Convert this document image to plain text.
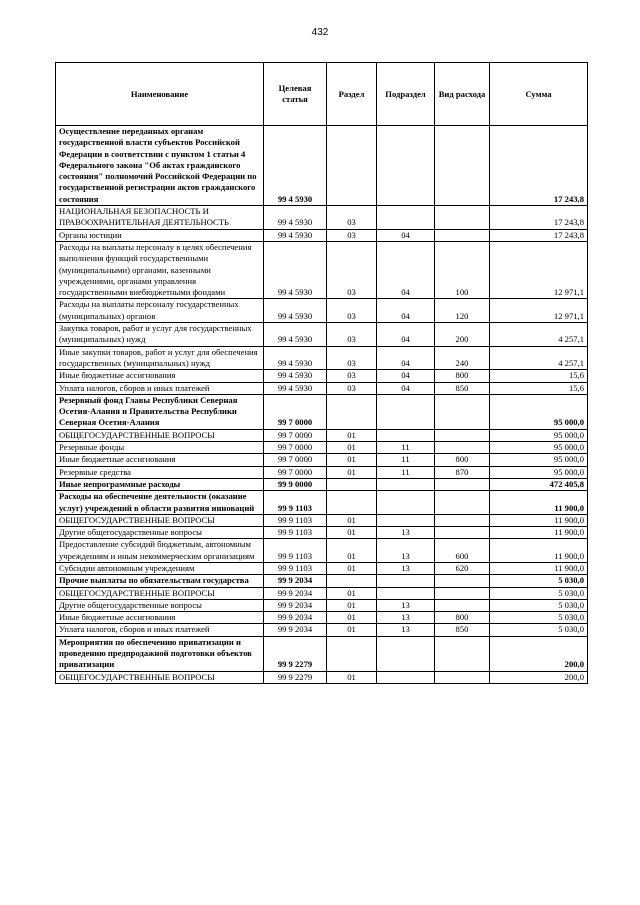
432
Наименование	Целевая статья	Раздел	Подраздел	Вид расхода	Сумма
Осуществление переданных органам государственной власти субъектов Российской Федерации в соответствии с пунктом 1 статьи 4 Федерального закона "Об актах гражданского состояния" полномочий Российской Федерации по государственной регистрации актов гражданского состояния	99 4 5930				17 243,8
НАЦИОНАЛЬНАЯ БЕЗОПАСНОСТЬ И ПРАВООХРАНИТЕЛЬНАЯ ДЕЯТЕЛЬНОСТЬ	99 4 5930	03			17 243,8
Органы юстиции	99 4 5930	03	04		17 243,8
Расходы на выплаты персоналу в целях обеспечения выполнения функций государственными (муниципальными) органами, казенными учреждениями, органами управления государственными внебюджетными фондами	99 4 5930	03	04	100	12 971,1
Расходы на выплаты персоналу государственных (муниципальных) органов	99 4 5930	03	04	120	12 971,1
Закупка товаров, работ и услуг для государственных (муниципальных) нужд	99 4 5930	03	04	200	4 257,1
Иные закупки товаров, работ и услуг для обеспечения государственных (муниципальных) нужд	99 4 5930	03	04	240	4 257,1
Иные бюджетные ассигнования	99 4 5930	03	04	800	15,6
Уплата налогов, сборов и иных платежей	99 4 5930	03	04	850	15,6
Резервный фонд Главы Республики Северная Осетия-Алания и Правительства Республики Северная Осетия-Алания	99 7 0000				95 000,0
ОБЩЕГОСУДАРСТВЕННЫЕ ВОПРОСЫ	99 7 0000	01			95 000,0
Резервные фонды	99 7 0000	01	11		95 000,0
Иные бюджетные ассигнования	99 7 0000	01	11	800	95 000,0
Резервные средства	99 7 0000	01	11	870	95 000,0
Иные непрограммные расходы	99 9 0000				472 405,8
Расходы на обеспечение деятельности (оказание услуг) учреждений в области развития инноваций	99 9 1103				11 900,0
ОБЩЕГОСУДАРСТВЕННЫЕ ВОПРОСЫ	99 9 1103	01			11 900,0
Другие общегосударственные вопросы	99 9 1103	01	13		11 900,0
Предоставление субсидий бюджетным, автономным учреждениям и иным некоммерческим организациям	99 9 1103	01	13	600	11 900,0
Субсидии автономным учреждениям	99 9 1103	01	13	620	11 900,0
Прочие выплаты по обязательствам государства	99 9 2034				5 030,0
ОБЩЕГОСУДАРСТВЕННЫЕ ВОПРОСЫ	99 9 2034	01			5 030,0
Другие общегосударственные вопросы	99 9 2034	01	13		5 030,0
Иные бюджетные ассигнования	99 9 2034	01	13	800	5 030,0
Уплата налогов, сборов и иных платежей	99 9 2034	01	13	850	5 030,0
Мероприятия по обеспечению приватизации и проведению предпродажной подготовки объектов приватизации	99 9 2279				200,0
ОБЩЕГОСУДАРСТВЕННЫЕ ВОПРОСЫ	99 9 2279	01			200,0
